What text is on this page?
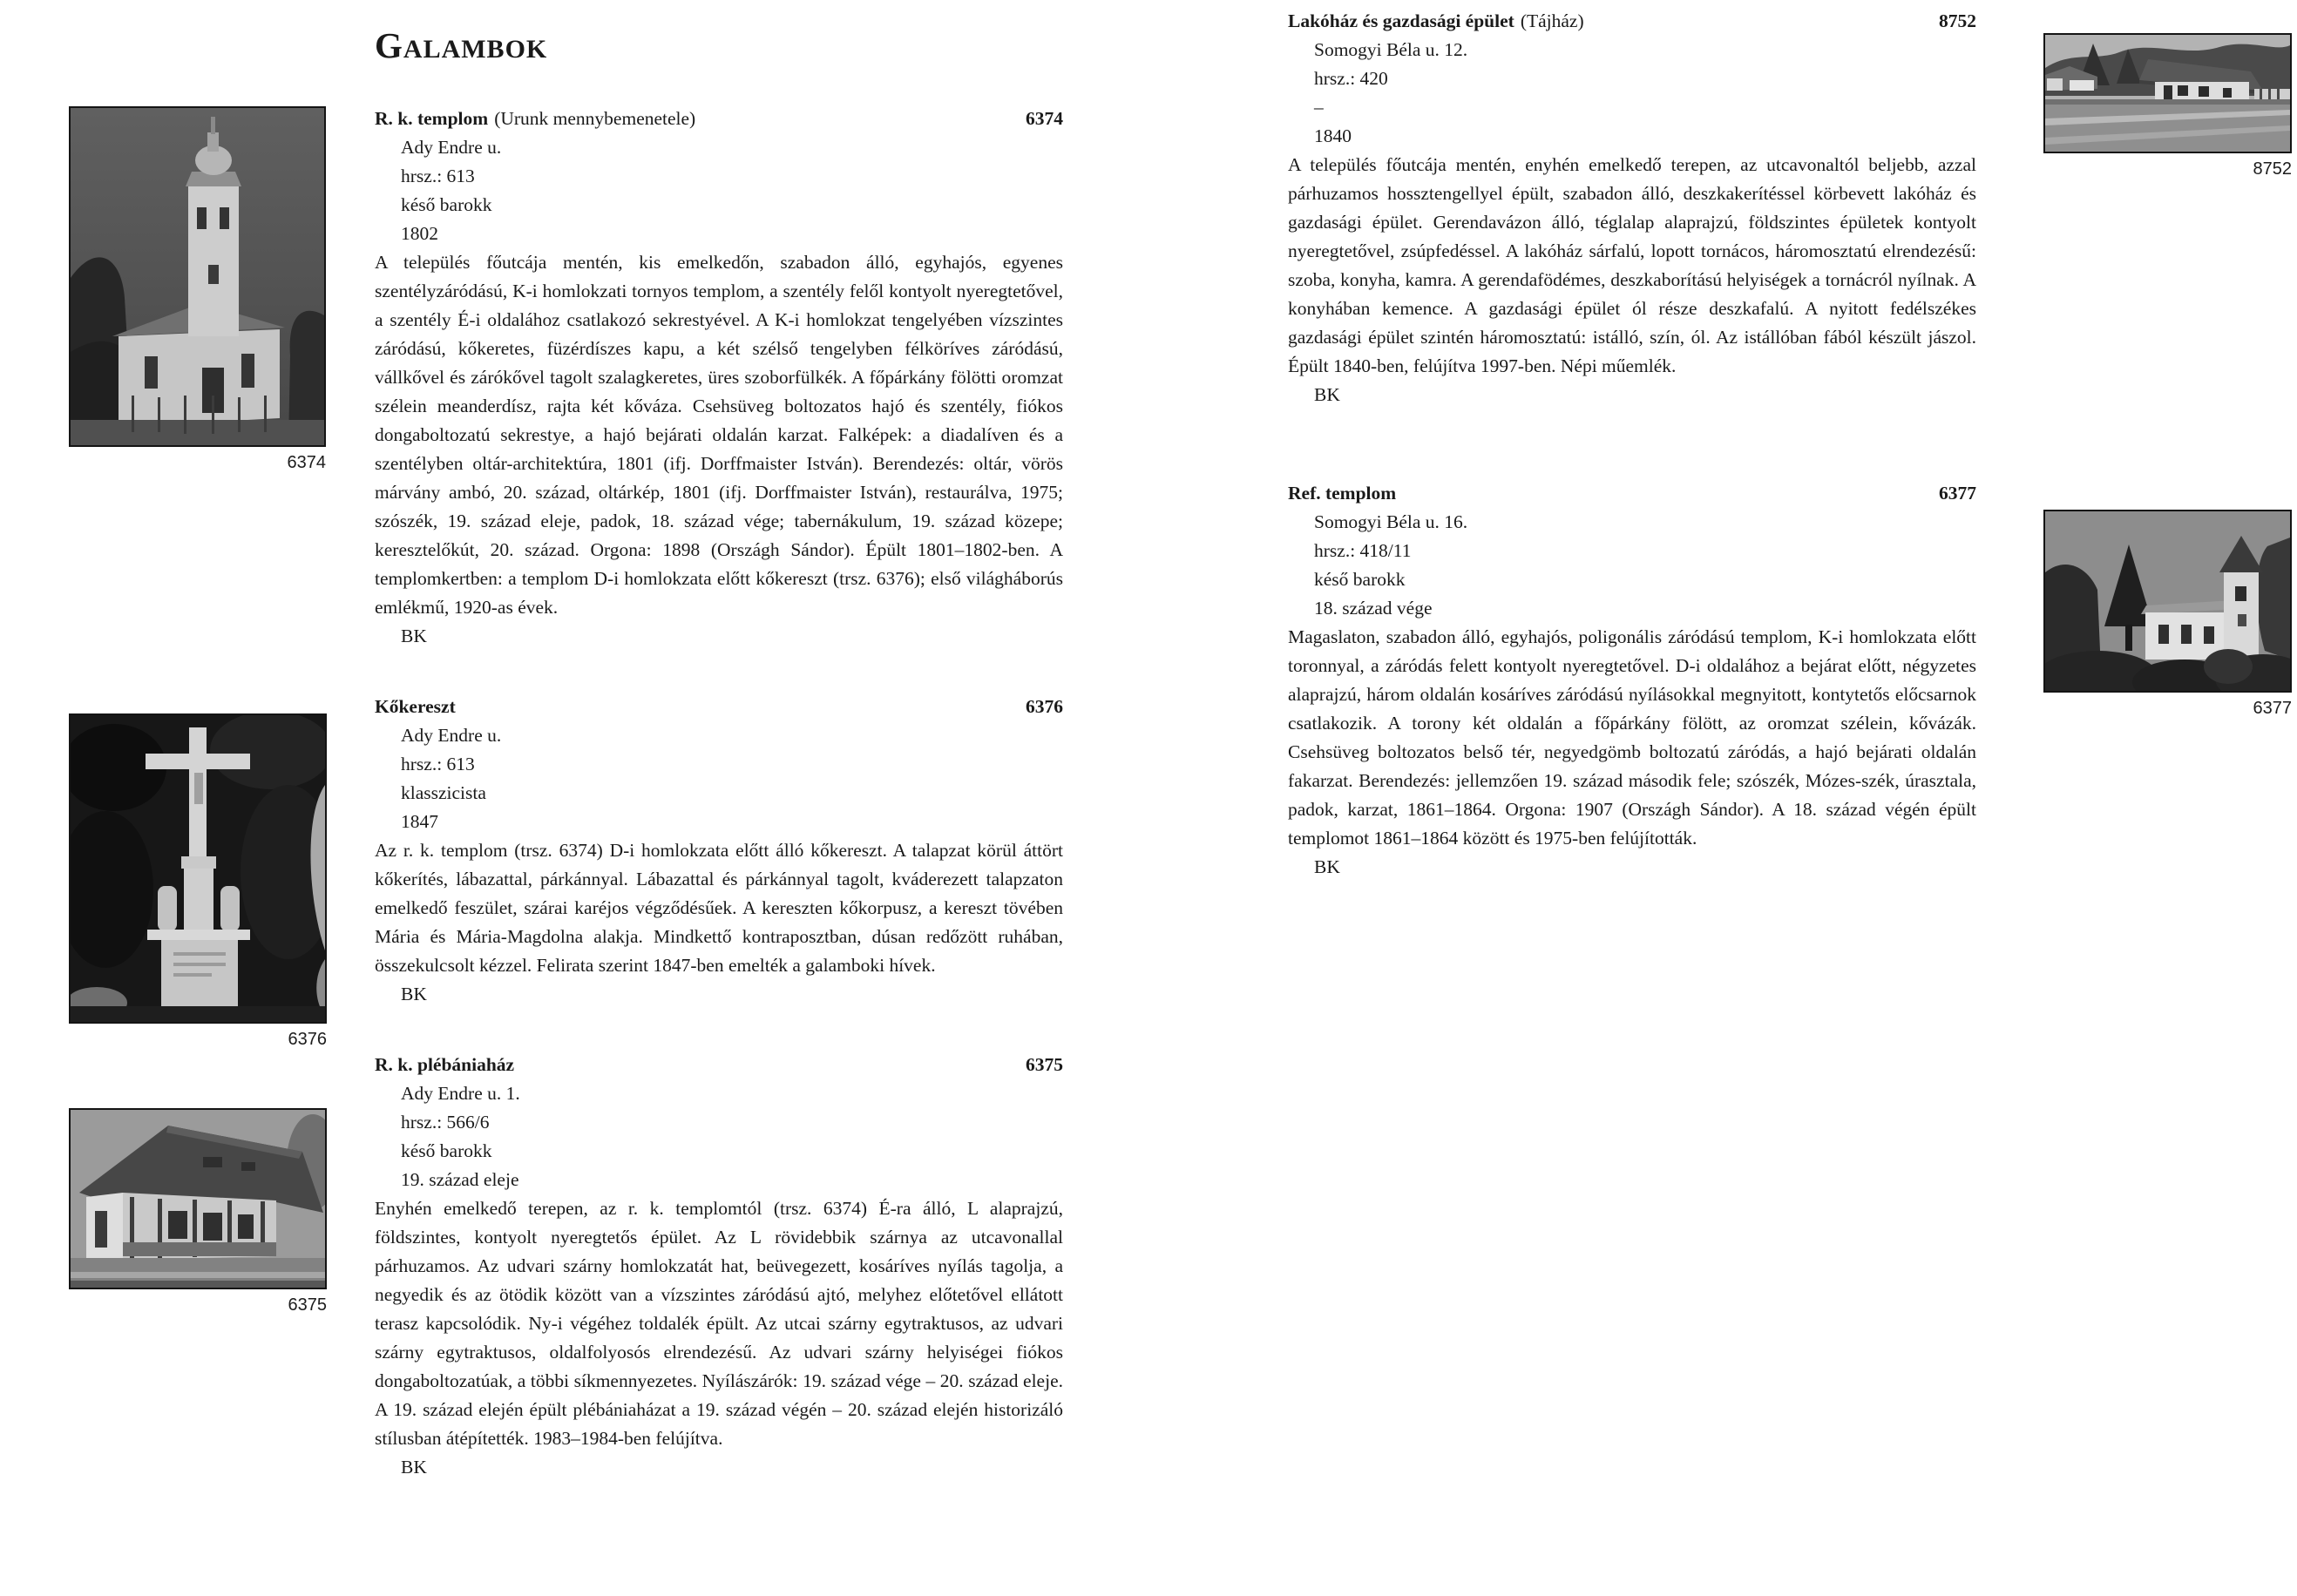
6374
6376
6375
8752
6377
GALAMBOK
R. k. templom (Urunk mennybemenetele)	6374
Ady Endre u.
hrsz.: 613
késő barokk
1802

A település főutcája mentén, kis emelkedőn, szabadon álló, egyhajós, egyenes szentélyzáródású, K-i homlokzati tornyos templom, a szentély felől kontyolt nyeregtetővel, a szentély É-i oldalához csatlakozó sekrestyével. A K-i homlokzat tengelyében vízszintes záródású, kőkeretes, füzérdíszes kapu, a két szélső tengelyben félköríves záródású, vállkővel és zárókővel tagolt szalagkeretes, üres szoborfülkék. A főpárkány fölötti oromzat szélein meanderdísz, rajta két kőváza. Csehsüveg boltozatos hajó és szentély, fiókos dongaboltozatú sekrestye, a hajó bejárati oldalán karzat. Falképek: a diadalíven és a szentélyben oltár-architektúra, 1801 (ifj. Dorffmaister István). Berendezés: oltár, vörös márvány ambó, 20. század, oltárkép, 1801 (ifj. Dorffmaister István), restaurálva, 1975; szószék, 19. század eleje, padok, 18. század vége; tabernákulum, 19. század közepe; keresztelőkút, 20. század. Orgona: 1898 (Országh Sándor). Épült 1801–1802-ben. A templomkertben: a templom D-i homlokzata előtt kőkereszt (trsz. 6376); első világháborús emlékmű, 1920-as évek.

BK
Kőkereszt	6376
Ady Endre u.
hrsz.: 613
klasszicista
1847

Az r. k. templom (trsz. 6374) D-i homlokzata előtt álló kőkereszt. A talapzat körül áttört kőkerítés, lábazattal, párkánnyal. Lábazattal és párkánnyal tagolt, kváderezett talapzaton emelkedő feszület, szárai karéjos végződésűek. A kereszten kőkorpusz, a kereszt tövében Mária és Mária-Magdolna alakja. Mindkettő kontraposztban, dúsan redőzött ruhában, összekulcsolt kézzel. Felirata szerint 1847-ben emelték a galamboki hívek.

BK
R. k. plébániaház	6375
Ady Endre u. 1.
hrsz.: 566/6
késő barokk
19. század eleje

Enyhén emelkedő terepen, az r. k. templomtól (trsz. 6374) É-ra álló, L alaprajzú, földszintes, kontyolt nyeregtetős épület. Az L rövidebbik szárnya az utcavonallal párhuzamos. Az udvari szárny homlokzatát hat, beüvegezett, kosáríves nyílás tagolja, a negyedik és az ötödik között van a vízszintes záródású ajtó, melyhez előtetővel ellátott terasz kapcsolódik. Ny-i végéhez toldalék épült. Az utcai szárny egytraktusos, az udvari szárny egytraktusos, oldalfolyosós elrendezésű. Az udvari szárny helyiségei fiókos dongaboltozatúak, a többi síkmennyezetes. Nyílászárók: 19. század vége – 20. század eleje. A 19. század elején épült plébániaházat a 19. század végén – 20. század elején historizáló stílusban átépítették. 1983–1984-ben felújítva.

BK
Lakóház és gazdasági épület (Tájház)	8752
Somogyi Béla u. 12.
hrsz.: 420
–
1840

A település főutcája mentén, enyhén emelkedő terepen, az utcavonaltól beljebb, azzal párhuzamos hossztengellyel épült, szabadon álló, deszkakerítéssel körbevett lakóház és gazdasági épület. Gerendavázon álló, téglalap alaprajzú, földszintes épületek kontyolt nyeregtetővel, zsúpfedéssel. A lakóház sárfalú, lopott tornácos, háromosztatú elrendezésű: szoba, konyha, kamra. A gerendafödémes, deszkaborítású helyiségek a tornácról nyílnak. A konyhában kemence. A gazdasági épület ól része deszkafalú. A nyitott fedélszékes gazdasági épület szintén háromosztatú: istálló, szín, ól. Az istállóban fából készült jászol. Épült 1840-ben, felújítva 1997-ben. Népi műemlék.

BK
Ref. templom	6377
Somogyi Béla u. 16.
hrsz.: 418/11
késő barokk
18. század vége

Magaslaton, szabadon álló, egyhajós, poligonális záródású templom, K-i homlokzata előtt toronnyal, a záródás felett kontyolt nyeregtetővel. D-i oldalához a bejárat előtt, négyzetes alaprajzú, három oldalán kosáríves záródású nyílásokkal megnyitott, kontytetős előcsarnok csatlakozik. A torony két oldalán a főpárkány fölött, az oromzat szélein, kővázák. Csehsüveg boltozatos belső tér, negyedgömb boltozatú záródás, a hajó bejárati oldalán fakarzat. Berendezés: jellemzően 19. század második fele; szószék, Mózes-szék, úrasztala, padok, karzat, 1861–1864. Orgona: 1907 (Országh Sándor). A 18. század végén épült templomot 1861–1864 között és 1975-ben felújították.

BK
